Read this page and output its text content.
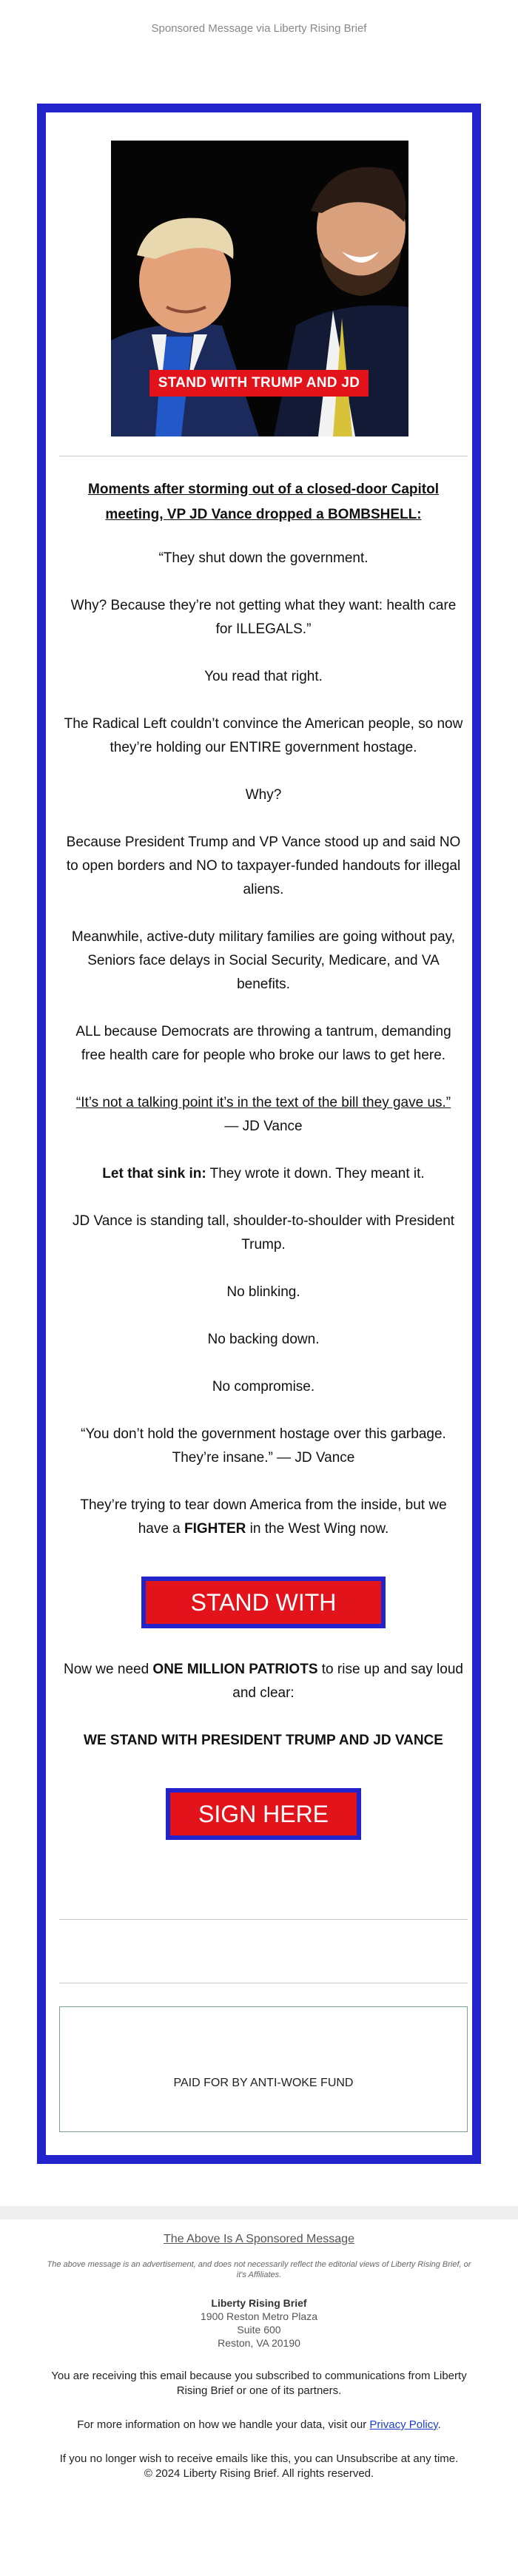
Sponsored Message via Liberty Rising Brief
STAND WITH TRUMP AND JD

Moments after storming out of a closed-door Capitol meeting, VP JD Vance dropped a BOMBSHELL:

“They shut down the government.

Why? Because they’re not getting what they want: health care for ILLEGALS.”

You read that right.

The Radical Left couldn’t convince the American people, so now they’re holding our ENTIRE government hostage.

Why?

Because President Trump and VP Vance stood up and said NO to open borders and NO to taxpayer-funded handouts for illegal aliens.

Meanwhile, active-duty military families are going without pay, Seniors face delays in Social Security, Medicare, and VA benefits.

ALL because Democrats are throwing a tantrum, demanding free health care for people who broke our laws to get here.

“It’s not a talking point it’s in the text of the bill they gave us.”
— JD Vance

Let that sink in: They wrote it down. They meant it.

JD Vance is standing tall, shoulder-to-shoulder with President Trump.

No blinking.

No backing down.

No compromise.

“You don’t hold the government hostage over this garbage. They’re insane.” — JD Vance

They’re trying to tear down America from the inside, but we have a FIGHTER in the West Wing now.

STAND WITH TRUMP

Now we need ONE MILLION PATRIOTS to rise up and say loud and clear:

WE STAND WITH PRESIDENT TRUMP AND JD VANCE

SIGN HERE
PAID FOR BY ANTI-WOKE FUND
The Above Is A Sponsored Message
The above message is an advertisement, and does not necessarily reflect the editorial views of Liberty Rising Brief, or it's Affiliates.
Liberty Rising Brief
1900 Reston Metro Plaza
Suite 600
Reston, VA 20190
You are receiving this email because you subscribed to communications from Liberty Rising Brief or one of its partners.
For more information on how we handle your data, visit our Privacy Policy.
If you no longer wish to receive emails like this, you can Unsubscribe at any time.
© 2024 Liberty Rising Brief. All rights reserved.
